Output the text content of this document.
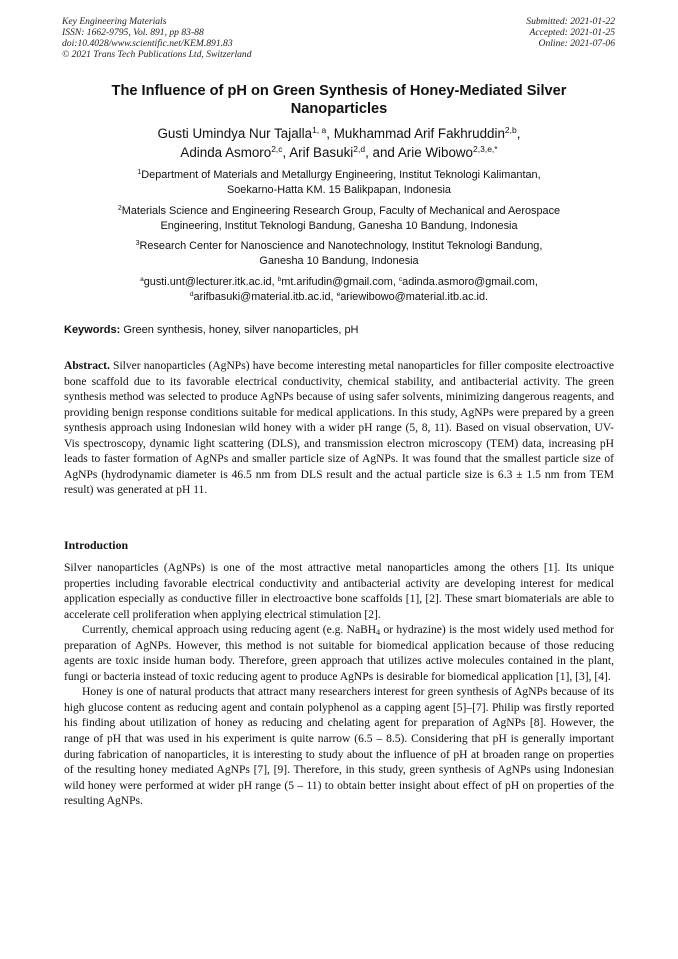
Key Engineering Materials
ISSN: 1662-9795, Vol. 891, pp 83-88
doi:10.4028/www.scientific.net/KEM.891.83
© 2021 Trans Tech Publications Ltd, Switzerland
Submitted: 2021-01-22
Accepted: 2021-01-25
Online: 2021-07-06
The Influence of pH on Green Synthesis of Honey-Mediated Silver
Nanoparticles
Gusti Umindya Nur Tajalla$^{1, a}$, Mukhammad Arif Fakhruddin$^{2,b}$,
Adinda Asmoro$^{2,c}$, Arif Basuki$^{2,d}$, and Arie Wibowo$^{2,3,e,*}$
$^1$Department of Materials and Metallurgy Engineering, Institut Teknologi Kalimantan,
Soekarno-Hatta KM. 15 Balikpapan, Indonesia
$^2$Materials Science and Engineering Research Group, Faculty of Mechanical and Aerospace
Engineering, Institut Teknologi Bandung, Ganesha 10 Bandung, Indonesia
$^3$Research Center for Nanoscience and Nanotechnology, Institut Teknologi Bandung,
Ganesha 10 Bandung, Indonesia
$^a$gusti.unt@lecturer.itk.ac.id, $^b$mt.arifudin@gmail.com, $^c$adinda.asmoro@gmail.com,
$^d$arifbasuki@material.itb.ac.id, $^e$ariewibowo@material.itb.ac.id.
Keywords: Green synthesis, honey, silver nanoparticles, pH
Abstract. Silver nanoparticles (AgNPs) have become interesting metal nanoparticles for filler composite electroactive bone scaffold due to its favorable electrical conductivity, chemical stability, and antibacterial activity. The green synthesis method was selected to produce AgNPs because of using safer solvents, minimizing dangerous reagents, and providing benign response conditions suitable for medical applications. In this study, AgNPs were prepared by a green synthesis approach using Indonesian wild honey with a wider pH range (5, 8, 11). Based on visual observation, UV-Vis spectroscopy, dynamic light scattering (DLS), and transmission electron microscopy (TEM) data, increasing pH leads to faster formation of AgNPs and smaller particle size of AgNPs. It was found that the smallest particle size of AgNPs (hydrodynamic diameter is 46.5 nm from DLS result and the actual particle size is 6.3 ± 1.5 nm from TEM result) was generated at pH 11.
Introduction

Silver nanoparticles (AgNPs) is one of the most attractive metal nanoparticles among the others [1]. Its unique properties including favorable electrical conductivity and antibacterial activity are developing interest for medical application especially as conductive filler in electroactive bone scaffolds [1], [2]. These smart biomaterials are able to accelerate cell proliferation when applying electrical stimulation [2].

Currently, chemical approach using reducing agent (e.g. NaBH$_4$ or hydrazine) is the most widely used method for preparation of AgNPs. However, this method is not suitable for biomedical application because of those reducing agents are toxic inside human body. Therefore, green approach that utilizes active molecules contained in the plant, fungi or bacteria instead of toxic reducing agent to produce AgNPs is desirable for biomedical application [1], [3], [4].

Honey is one of natural products that attract many researchers interest for green synthesis of AgNPs because of its high glucose content as reducing agent and contain polyphenol as a capping agent [5]–[7]. Philip was firstly reported his finding about utilization of honey as reducing and chelating agent for preparation of AgNPs [8]. However, the range of pH that was used in his experiment is quite narrow (6.5 – 8.5). Considering that pH is generally important during fabrication of nanoparticles, it is interesting to study about the influence of pH at broaden range on properties of the resulting honey mediated AgNPs [7], [9]. Therefore, in this study, green synthesis of AgNPs using Indonesian wild honey were performed at wider pH range (5 – 11) to obtain better insight about effect of pH on properties of the resulting AgNPs.
